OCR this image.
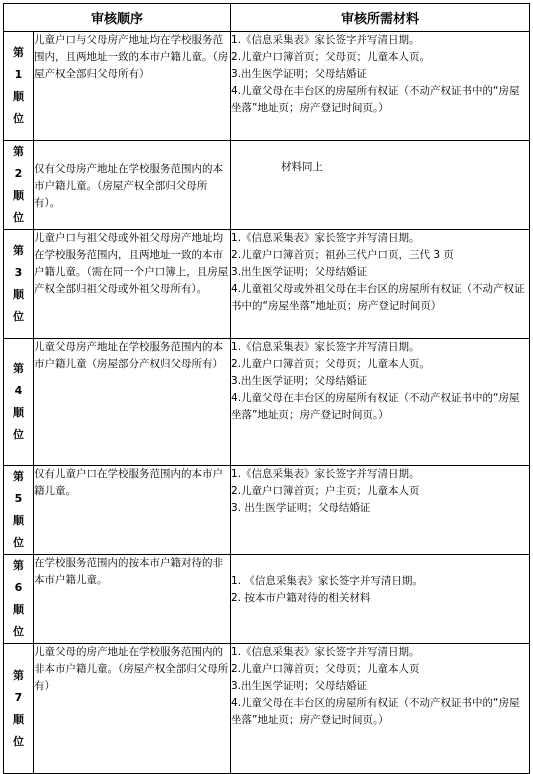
审核顺序		审核所需材料

第
1
顺
位	儿童户口与父母房产地址均在学校服务范围内，且两地址一致的本市户籍儿童。（房屋产权全部归父母所有）	1.《信息采集表》家长签字并写清日期。
2.儿童户口簿首页；父母页；儿童本人页。
3.出生医学证明；父母结婚证
4.儿童父母在丰台区的房屋所有权证（不动产权证书中的“房屋坐落”地址页；房产登记时间页。）

第
2
顺
位	仅有父母房产地址在学校服务范围内的本市户籍儿童。（房屋产权全部归父母所有）。	材料同上

第
3
顺
位	儿童户口与祖父母或外祖父母房产地址均在学校服务范围内，且两地址一致的本市户籍儿童。（需在同一个户口簿上，且房屋产权全部归祖父母或外祖父母所有）。	1.《信息采集表》家长签字并写清日期。
2.儿童户口簿首页；祖孙三代户口页，三代 3 页
3.出生医学证明；父母结婚证
4.儿童祖父母或外祖父母在丰台区的房屋所有权证（不动产权证书中的“房屋坐落”地址页；房产登记时间页）

第
4
顺
位	儿童父母房产地址在学校服务范围内的本市户籍儿童（房屋部分产权归父母所有）	1.《信息采集表》家长签字并写清日期。
2.儿童户口簿首页；父母页；儿童本人页。
3.出生医学证明；父母结婚证
4.儿童父母在丰台区的房屋所有权证（不动产权证书中的“房屋坐落”地址页；房产登记时间页。）

第
5
顺
位	仅有儿童户口在学校服务范围内的本市户籍儿童。	1.《信息采集表》家长签字并写清日期。
2.儿童户口簿首页；户主页；儿童本人页
3. 出生医学证明；父母结婚证

第
6
顺
位	在学校服务范围内的按本市户籍对待的非本市户籍儿童。	1. 《信息采集表》家长签字并写清日期。
2. 按本市户籍对待的相关材料

第
7
顺
位	儿童父母的房产地址在学校服务范围内的非本市户籍儿童。（房屋产权全部归父母所有）	1.《信息采集表》家长签字并写清日期。
2.儿童户口簿首页；父母页；儿童本人页
3.出生医学证明；父母结婚证
4.儿童父母在丰台区的房屋所有权证（不动产权证书中的“房屋坐落”地址页；房产登记时间页。）
